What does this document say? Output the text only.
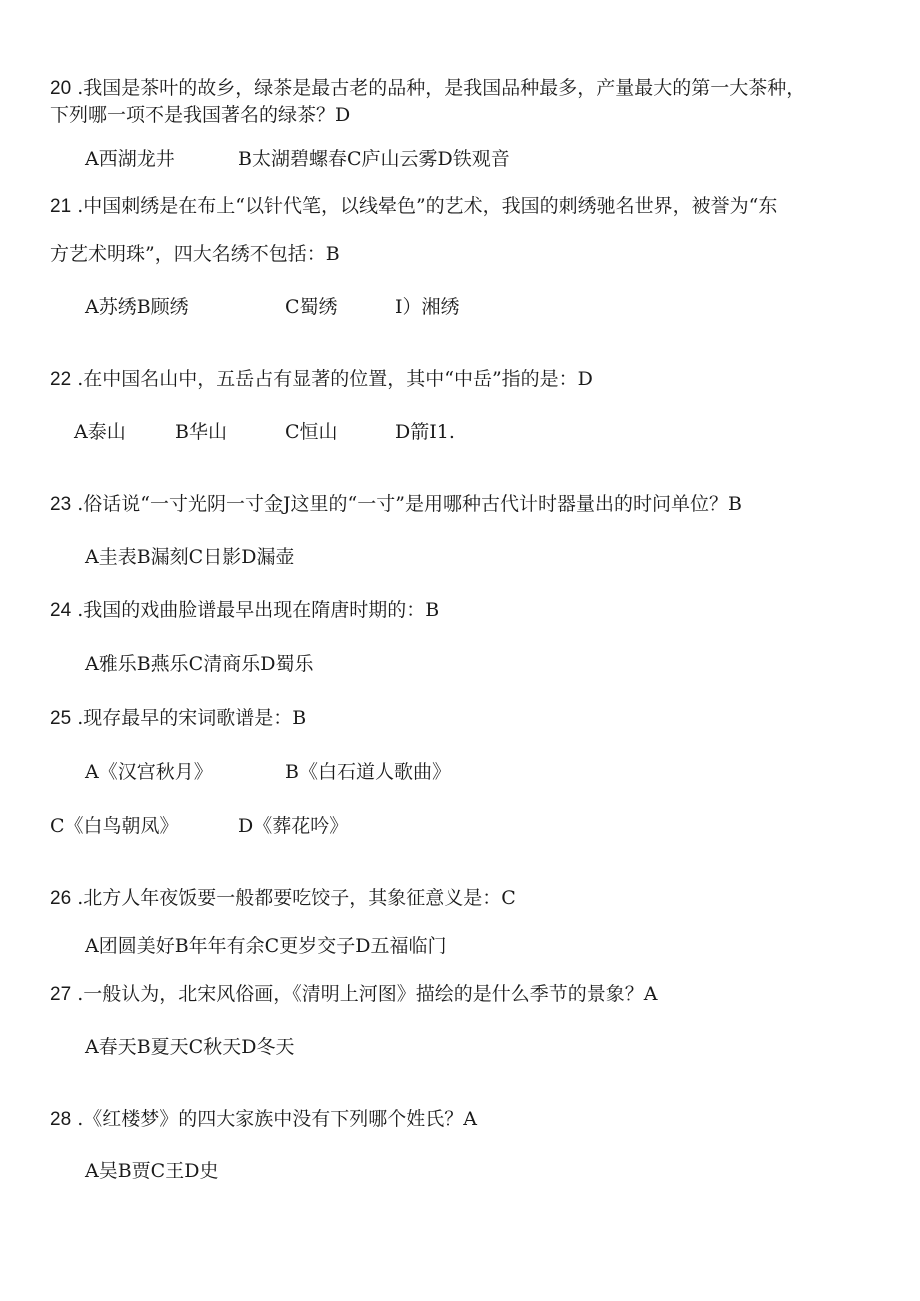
20 .我国是茶叶的故乡，绿茶是最古老的品种，是我国品种最多，产量最大的第一大茶种，
下列哪一项不是我国著名的绿茶？D
A西湖龙井	B太湖碧螺春C庐山云雾D铁观音
21 .中国刺绣是在布上“以针代笔，以线晕色”的艺术，我国的刺绣驰名世界，被誉为“东
方艺术明珠”，四大名绣不包括：B
A苏绣B顾绣	C蜀绣	I）湘绣
22 .在中国名山中，五岳占有显著的位置，其中“中岳”指的是：D
A泰山	B华山	C恒山	D箭I1.
23 .俗话说“一寸光阴一寸金J这里的“一寸”是用哪种古代计时器量出的时问单位？B
A圭表B漏刻C日影D漏壶
24 .我国的戏曲脸谱最早出现在隋唐时期的：B
A雅乐B燕乐C清商乐D蜀乐
25 .现存最早的宋词歌谱是：B
A《汉宫秋月》	B《白石道人歌曲》
C《白鸟朝凤》	D《葬花吟》
26 .北方人年夜饭要一般都要吃饺子，其象征意义是：C
A团圆美好B年年有余C更岁交子D五福临门
27 .一般认为，北宋风俗画，《清明上河图》描绘的是什么季节的景象？A
A春天B夏天C秋天D冬天
28 .《红楼梦》的四大家族中没有下列哪个姓氏？A
A吴B贾C王D史
